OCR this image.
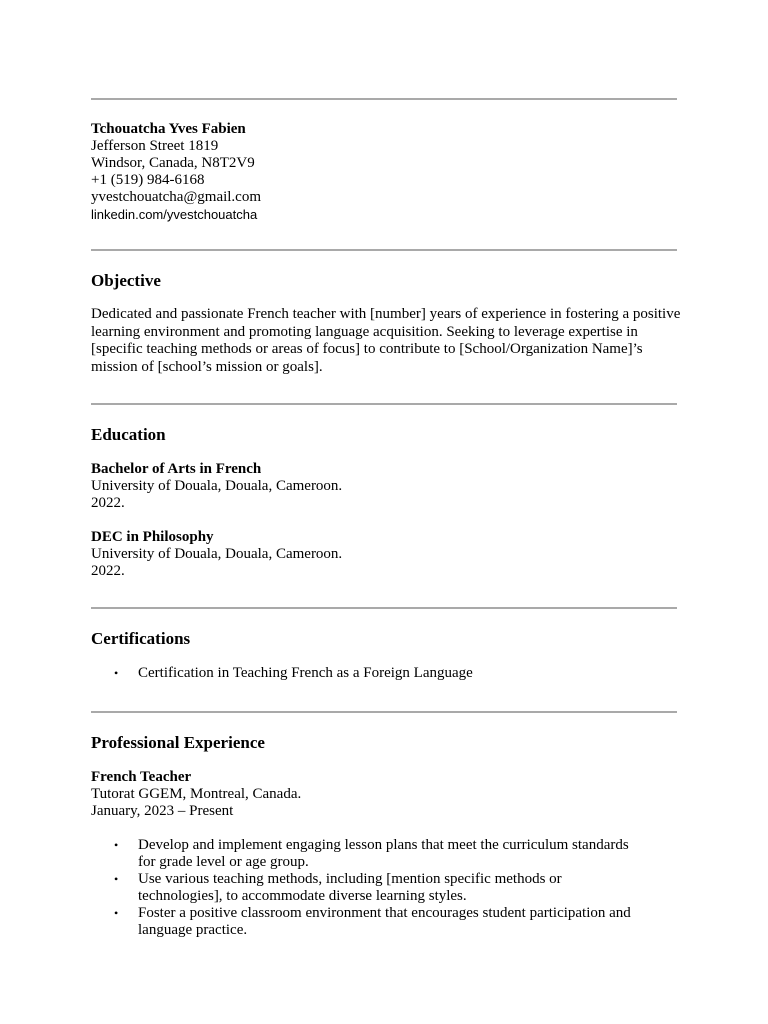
Tchouatcha Yves Fabien
Jefferson Street 1819
Windsor, Canada, N8T2V9
+1 (519) 984-6168
yvestchouatcha@gmail.com
linkedin.com/yvestchouatcha
Objective
Dedicated and passionate French teacher with [number] years of experience in fostering a positive learning environment and promoting language acquisition. Seeking to leverage expertise in [specific teaching methods or areas of focus] to contribute to [School/Organization Name]’s mission of [school’s mission or goals].
Education
Bachelor of Arts in French
University of Douala, Douala, Cameroon.
2022.
DEC in Philosophy
University of Douala, Douala, Cameroon.
2022.
Certifications
• Certification in Teaching French as a Foreign Language
Professional Experience
French Teacher
Tutorat GGEM, Montreal, Canada.
January, 2023 – Present
• Develop and implement engaging lesson plans that meet the curriculum standards for grade level or age group.
• Use various teaching methods, including [mention specific methods or technologies], to accommodate diverse learning styles.
• Foster a positive classroom environment that encourages student participation and language practice.
